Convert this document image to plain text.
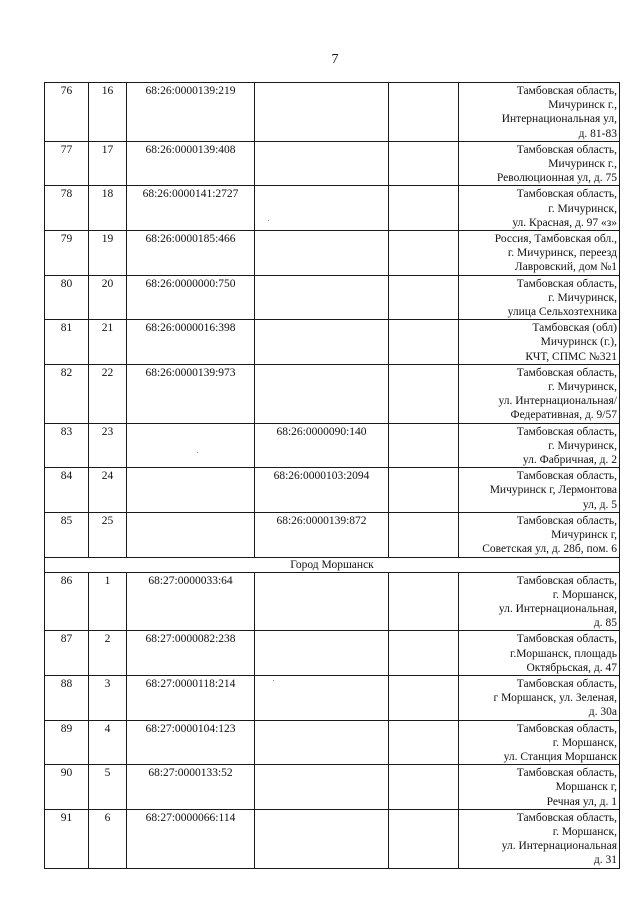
7
76	16	68:26:0000139:219			Тамбовская область,
Мичуринск г.,
Интернациональная ул,
д. 81-83

77	17	68:26:0000139:408			Тамбовская область,
Мичуринск г.,
Революционная ул, д. 75

78	18	68:26:0000141:2727			Тамбовская область,
г. Мичуринск,
ул. Красная, д. 97 «з»

79	19	68:26:0000185:466			Россия, Тамбовская обл.,
г. Мичуринск, переезд
Лавровский, дом №1

80	20	68:26:0000000:750			Тамбовская область,
г. Мичуринск,
улица Сельхозтехника

81	21	68:26:0000016:398			Тамбовская (обл)
Мичуринск (г.),
КЧТ, СПМС №321

82	22	68:26:0000139:973			Тамбовская область,
г. Мичуринск,
ул. Интернациональная/
Федеративная, д. 9/57

83	23		68:26:0000090:140		Тамбовская область,
г. Мичуринск,
ул. Фабричная, д. 2

84	24		68:26:0000103:2094		Тамбовская область,
Мичуринск г, Лермонтова
ул, д. 5

85	25		68:26:0000139:872		Тамбовская область,
Мичуринск г,
Советская ул, д. 28б, пом. 6

Город Моршанск					
86	1	68:27:0000033:64			Тамбовская область,
г. Моршанск,
ул. Интернациональная,
д. 85

87	2	68:27:0000082:238			Тамбовская область,
г.Моршанск, площадь
Октябрьская, д. 47

88	3	68:27:0000118:214			Тамбовская область,
г Моршанск, ул. Зеленая,
д. 30а

89	4	68:27:0000104:123			Тамбовская область,
г. Моршанск,
ул. Станция Моршанск

90	5	68:27:0000133:52			Тамбовская область,
Моршанск г,
Речная ул, д. 1

91	6	68:27:0000066:114			Тамбовская область,
г. Моршанск,
ул. Интернациональная
д. 31
